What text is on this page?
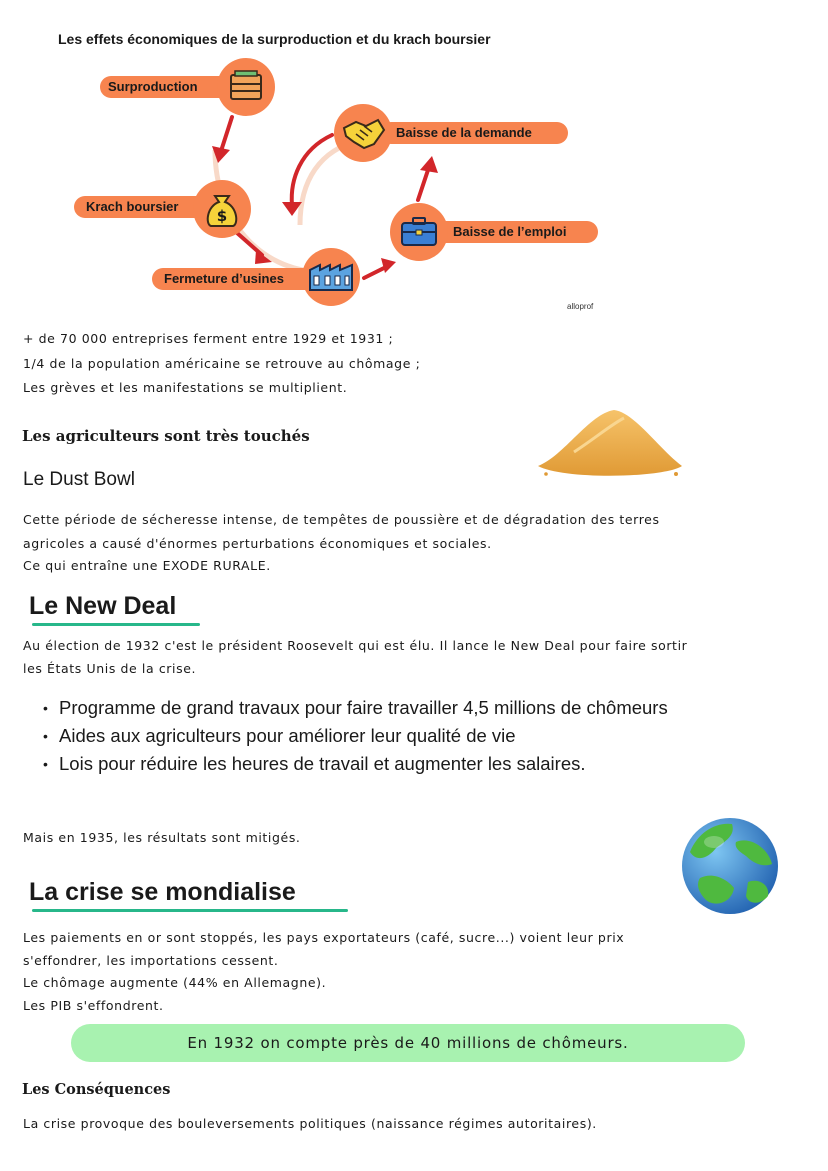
Les effets économiques de la surproduction et du krach boursier
Surproduction
Krach boursier
$
Fermeture d’usines
Baisse de l’emploi
Baisse de la demande
alloprof
+ de 70 000 entreprises ferment entre 1929 et 1931 ;
1/4 de la population américaine se retrouve au chômage ;
Les grèves et les manifestations se multiplient.
Les agriculteurs sont très touchés
Le Dust Bowl
Cette période de sécheresse intense, de tempêtes de poussière et de dégradation des terres
agricoles a causé d'énormes perturbations économiques et sociales.
Ce qui entraîne une EXODE RURALE.
Le New Deal
Au élection de 1932 c'est le président Roosevelt qui est élu. Il lance le New Deal pour faire sortir
les États Unis de la crise.
• Programme de grand travaux pour faire travailler 4,5 millions de chômeurs
• Aides aux agriculteurs pour améliorer leur qualité de vie
• Lois pour réduire les heures de travail et augmenter les salaires.
Mais en 1935, les résultats sont mitigés.
La crise se mondialise
Les paiements en or sont stoppés, les pays exportateurs (café, sucre...) voient leur prix
s'effondrer, les importations cessent.
Le chômage augmente (44% en Allemagne).
Les PIB s'effondrent.
En 1932 on compte près de 40 millions de chômeurs.
Les Conséquences
La crise provoque des bouleversements politiques (naissance régimes autoritaires).
